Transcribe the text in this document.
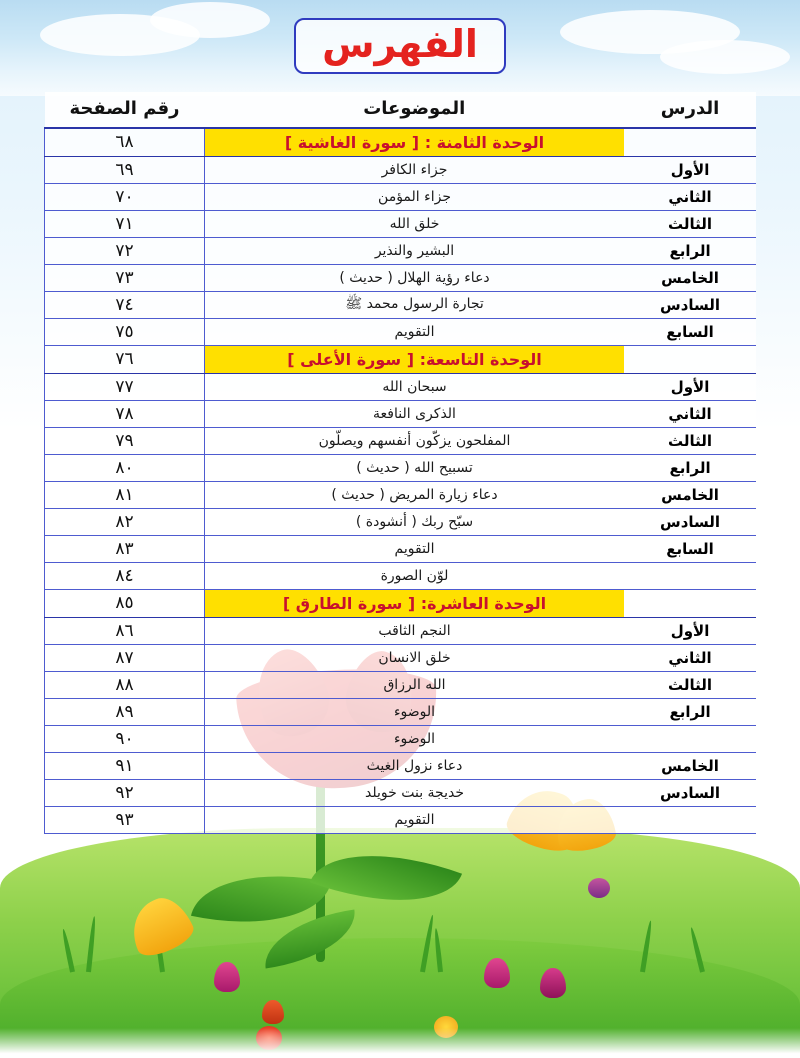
الفهرس
الدرس	الموضوعات	رقم الصفحة
	الوحدة الثامنة : [ سورة الغاشية ]	٦٨
الأول	جزاء الكافر	٦٩
الثاني	جزاء المؤمن	٧٠
الثالث	خلق الله	٧١
الرابع	البشير والنذير	٧٢
الخامس	دعاء رؤية الهلال ( حديث )	٧٣
السادس	تجارة الرسول محمد ﷺ	٧٤
السابع	التقويم	٧٥
	الوحدة التاسعة: [ سورة الأعلى ]	٧٦
الأول	سبحان الله	٧٧
الثاني	الذكرى النافعة	٧٨
الثالث	المفلحون يزكّون أنفسهم ويصلّون	٧٩
الرابع	تسبيح الله ( حديث )	٨٠
الخامس	دعاء زيارة المريض ( حديث )	٨١
السادس	سبّح ربك ( أنشودة )	٨٢
السابع	التقويم	٨٣
	لوّن الصورة	٨٤
	الوحدة العاشرة: [ سورة الطارق ]	٨٥
الأول	النجم الثاقب	٨٦
الثاني	خلق الانسان	٨٧
الثالث	الله الرزاق	٨٨
الرابع	الوضوء	٨٩
	الوضوء	٩٠
الخامس	دعاء نزول الغيث	٩١
السادس	خديجة بنت خويلد	٩٢
	التقويم	٩٣
